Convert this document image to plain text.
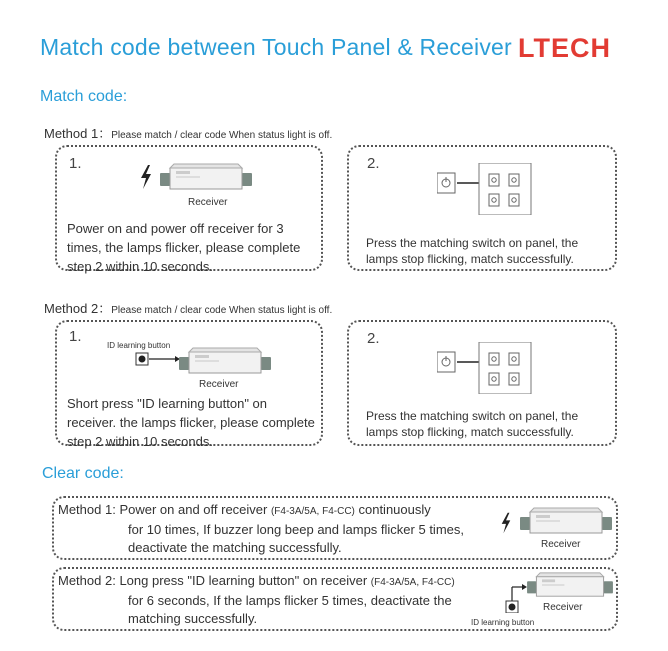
Match code between Touch Panel & Receiver LTECH
Match code:
Method 1：Please match / clear code When status light is off.
1.
Receiver
Power on and power off receiver for 3 times, the lamps flicker, please complete step 2 within 10 seconds.
2.
Press the matching switch on panel, the lamps stop flicking, match successfully.
Method 2：Please match / clear code When status light is off.
1.
ID learning button
Receiver
Short press "ID learning button" on receiver. the lamps flicker, please complete step 2 within 10 seconds.
2.
Press the matching switch on panel, the lamps stop flicking, match successfully.
Clear code:
Method 1: Power on and off receiver (F4-3A/5A, F4-CC) continuously
for 10 times, If buzzer long beep and lamps flicker 5 times,
deactivate the matching successfully.	Receiver
Method 2: Long press "ID learning button" on receiver (F4-3A/5A, F4-CC)
for 6 seconds, If the lamps flicker 5 times, deactivate the
matching successfully.
Receiver
ID learning button
